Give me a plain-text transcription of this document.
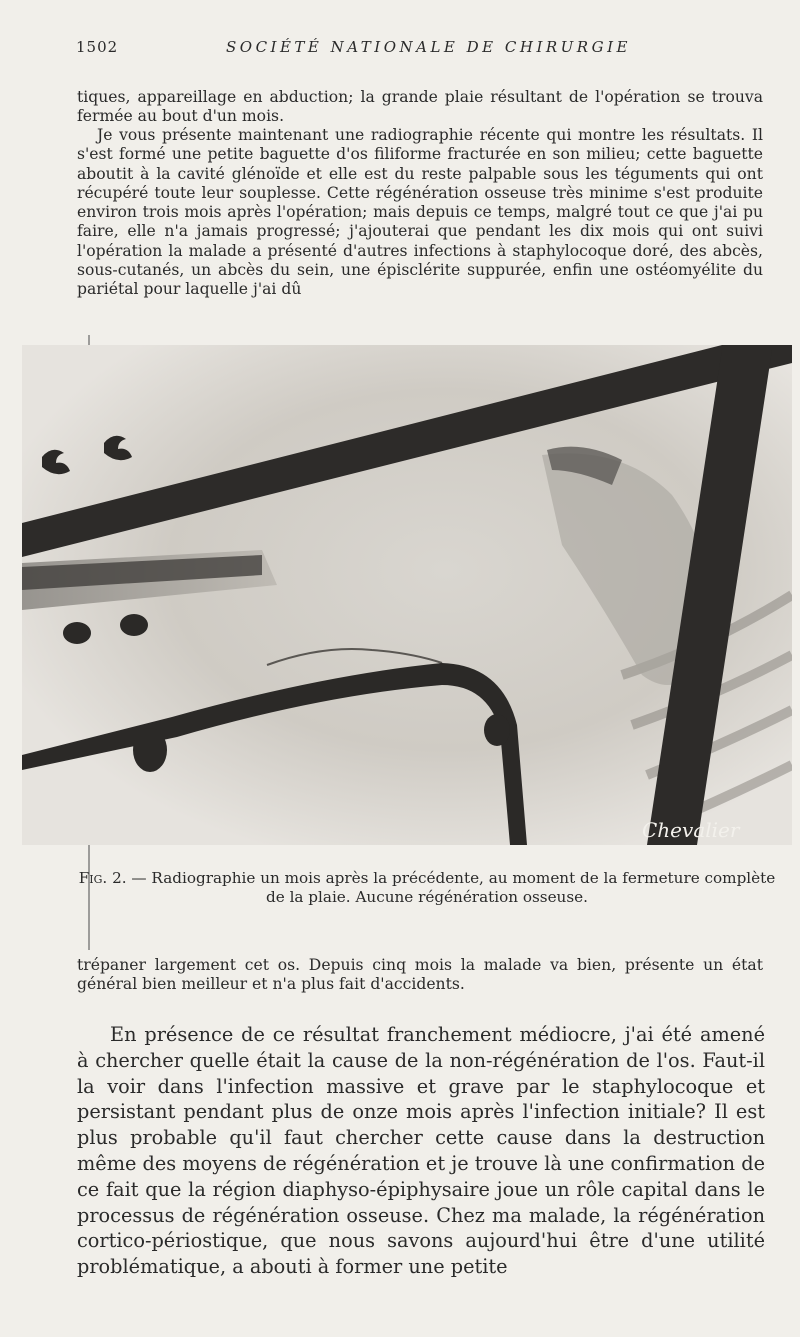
1502	SOCIÉTÉ NATIONALE DE CHIRURGIE

tiques, appareillage en abduction; la grande plaie résultant de l'opération se trouva fermée au bout d'un mois.

Je vous présente maintenant une radiographie récente qui montre les résultats. Il s'est formé une petite baguette d'os filiforme fracturée en son milieu; cette baguette aboutit à la cavité glénoïde et elle est du reste palpable sous les téguments qui ont récupéré toute leur souplesse. Cette régénération osseuse très minime s'est produite environ trois mois après l'opération; mais depuis ce temps, malgré tout ce que j'ai pu faire, elle n'a jamais progressé; j'ajouterai que pendant les dix mois qui ont suivi l'opération la malade a présenté d'autres infections à staphylocoque doré, des abcès, sous-cutanés, un abcès du sein, une épisclérite suppurée, enfin une ostéomyélite du pariétal pour laquelle j'ai dû

Chevalier
Fig. 2. — Radiographie un mois après la précédente, au moment de la fermeture complète de la plaie. Aucune régénération osseuse.

trépaner largement cet os. Depuis cinq mois la malade va bien, présente un état général bien meilleur et n'a plus fait d'accidents.

En présence de ce résultat franchement médiocre, j'ai été amené à chercher quelle était la cause de la non-régénération de l'os. Faut-il la voir dans l'infection massive et grave par le staphylocoque et persistant pendant plus de onze mois après l'infection initiale? Il est plus probable qu'il faut chercher cette cause dans la destruction même des moyens de régénération et je trouve là une confirmation de ce fait que la région diaphyso-épiphysaire joue un rôle capital dans le processus de régénération osseuse. Chez ma malade, la régénération cortico-périostique, que nous savons aujourd'hui être d'une utilité problématique, a abouti à former une petite
